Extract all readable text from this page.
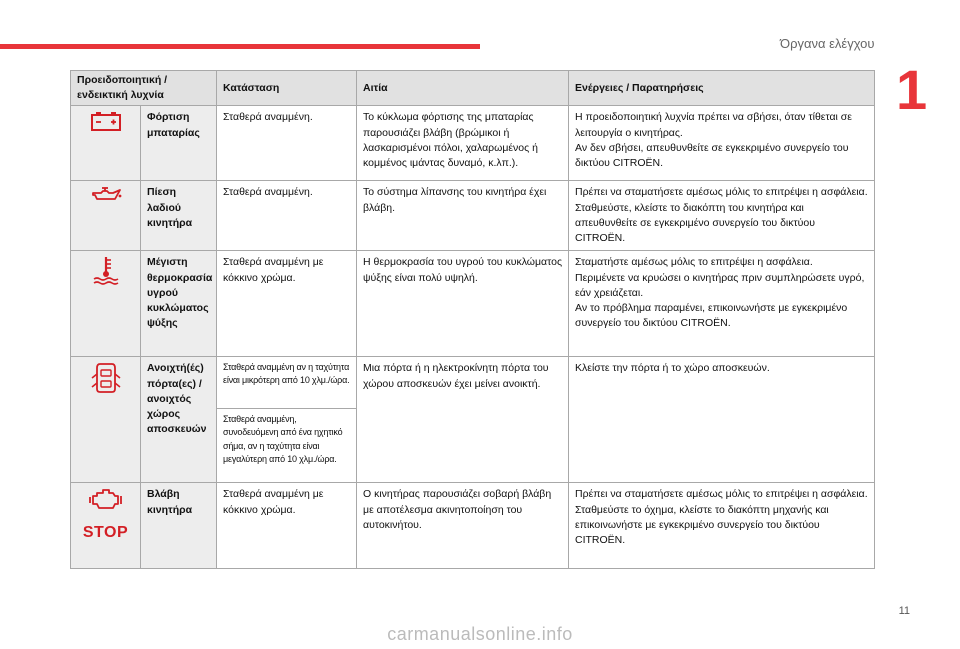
Όργανα ελέγχου
1
Προειδοποιητική / ενδεικτική λυχνία		Κατάσταση	Αιτία	Ενέργειες / Παρατηρήσεις
	Φόρτιση μπαταρίας	Σταθερά αναμμένη.	Το κύκλωμα φόρτισης της μπαταρίας παρουσιάζει βλάβη (βρώμικοι ή λασκαρισμένοι πόλοι, χαλαρωμένος ή κομμένος ιμάντας δυναμό, κ.λπ.).	Η προειδοποιητική λυχνία πρέπει να σβήσει, όταν τίθεται σε λειτουργία ο κινητήρας.
Αν δεν σβήσει, απευθυνθείτε σε εγκεκριμένο συνεργείο του δικτύου CITROËN.

	Πίεση λαδιού κινητήρα	Σταθερά αναμμένη.	Το σύστημα λίπανσης του κινητήρα έχει βλάβη.	Πρέπει να σταματήσετε αμέσως μόλις το επιτρέψει η ασφάλεια.
Σταθμεύστε, κλείστε το διακόπτη του κινητήρα και απευθυνθείτε σε εγκεκριμένο συνεργείο του δικτύου CITROËN.

	Μέγιστη θερμοκρασία υγρού κυκλώματος ψύξης	Σταθερά αναμμένη με κόκκινο χρώμα.	Η θερμοκρασία του υγρού του κυκλώματος ψύξης είναι πολύ υψηλή.	Σταματήστε αμέσως μόλις το επιτρέψει η ασφάλεια.
Περιμένετε να κρυώσει ο κινητήρας πριν συμπληρώσετε υγρό, εάν χρειάζεται.
Αν το πρόβλημα παραμένει, επικοινωνήστε με εγκεκριμένο συνεργείο του δικτύου CITROËN.

	Ανοιχτή(ές) πόρτα(ες) / ανοιχτός χώρος αποσκευών	Σταθερά αναμμένη αν η ταχύτητα είναι μικρότερη από 10 χλμ./ώρα.	Μια πόρτα ή η ηλεκτροκίνητη πόρτα του χώρου αποσκευών έχει μείνει ανοικτή.	Κλείστε την πόρτα ή το χώρο αποσκευών.

		Σταθερά αναμμένη, συνοδευόμενη από ένα ηχητικό σήμα, αν η ταχύτητα είναι μεγαλύτερη από 10 χλμ./ώρα.		

STOP	Βλάβη κινητήρα	Σταθερά αναμμένη με κόκκινο χρώμα.	Ο κινητήρας παρουσιάζει σοβαρή βλάβη με αποτέλεσμα ακινητοποίηση του αυτοκινήτου.	Πρέπει να σταματήσετε αμέσως μόλις το επιτρέψει η ασφάλεια.
Σταθμεύστε το όχημα, κλείστε το διακόπτη μηχανής και επικοινωνήστε με εγκεκριμένο συνεργείο του δικτύου CITROËN.
11
carmanualsonline.info
